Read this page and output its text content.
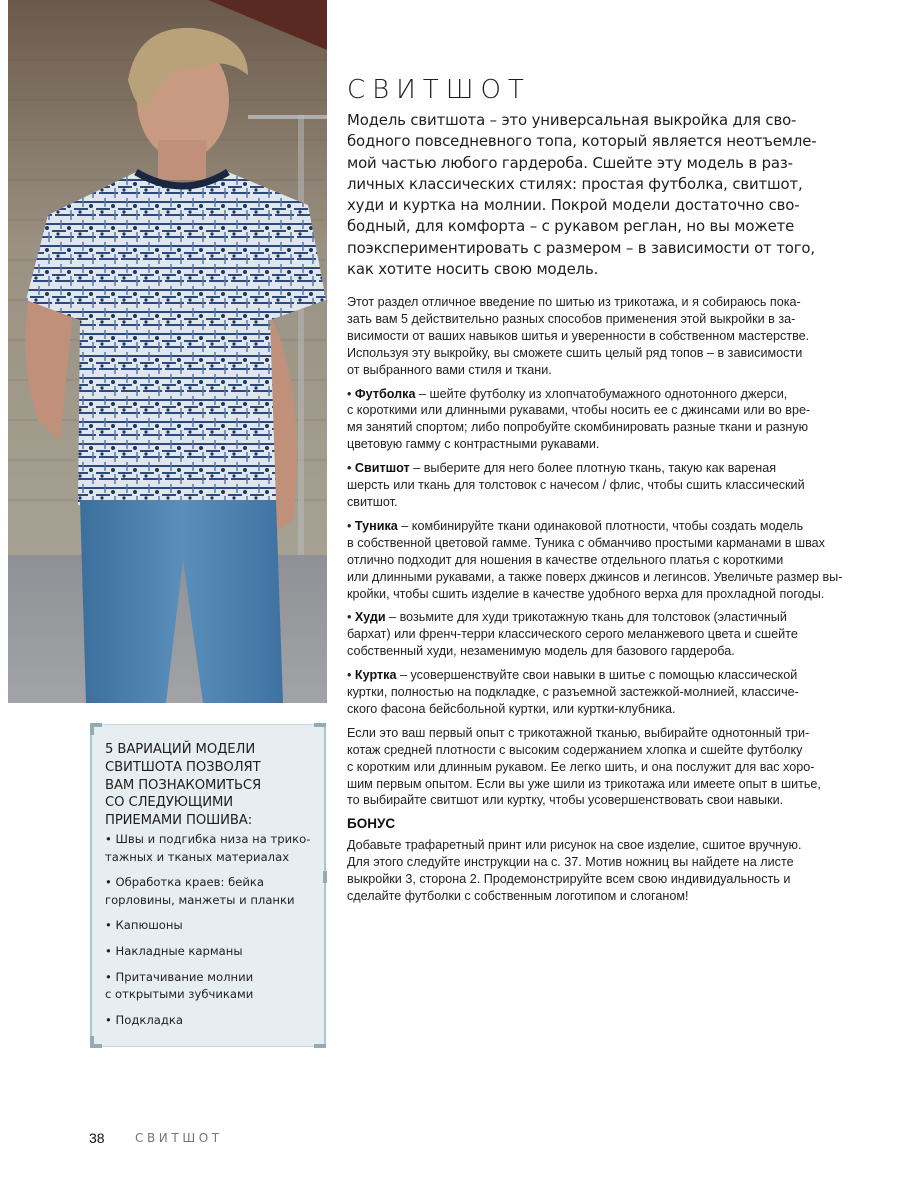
СВИТШОТ
Модель свитшота – это универсальная выкройка для сво-
бодного повседневного топа, который является неотъемле-
мой частью любого гардероба. Сшейте эту модель в раз-
личных классических стилях: простая футболка, свитшот,
худи и куртка на молнии. Покрой модели достаточно сво-
бодный, для комфорта – с рукавом реглан, но вы можете
поэкспериментировать с размером – в зависимости от того,
как хотите носить свою модель.
Этот раздел отличное введение по шитью из трикотажа, и я собираюсь пока-
зать вам 5 действительно разных способов применения этой выкройки в за-
висимости от ваших навыков шитья и уверенности в собственном мастерстве.
Используя эту выкройку, вы сможете сшить целый ряд топов – в зависимости
от выбранного вами стиля и ткани.
• Футболка – шейте футболку из хлопчатобумажного однотонного джерси,
с короткими или длинными рукавами, чтобы носить ее с джинсами или во вре-
мя занятий спортом; либо попробуйте скомбинировать разные ткани и разную
цветовую гамму с контрастными рукавами.
• Свитшот – выберите для него более плотную ткань, такую как вареная
шерсть или ткань для толстовок с начесом / флис, чтобы сшить классический
свитшот.
• Туника – комбинируйте ткани одинаковой плотности, чтобы создать модель
в собственной цветовой гамме. Туника с обманчиво простыми карманами в швах
отлично подходит для ношения в качестве отдельного платья с короткими
или длинными рукавами, а также поверх джинсов и легинсов. Увеличьте размер вы-
кройки, чтобы сшить изделие в качестве удобного верха для прохладной погоды.
• Худи – возьмите для худи трикотажную ткань для толстовок (эластичный
бархат) или френч-терри классического серого меланжевого цвета и сшейте
собственный худи, незаменимую модель для базового гардероба.
• Куртка – усовершенствуйте свои навыки в шитье с помощью классической
куртки, полностью на подкладке, с разъемной застежкой-молнией, классиче-
ского фасона бейсбольной куртки, или куртки-клубника.
Если это ваш первый опыт с трикотажной тканью, выбирайте однотонный три-
котаж средней плотности с высоким содержанием хлопка и сшейте футболку
с коротким или длинным рукавом. Ее легко шить, и она послужит для вас хоро-
шим первым опытом. Если вы уже шили из трикотажа или имеете опыт в шитье,
то выбирайте свитшот или куртку, чтобы усовершенствовать свои навыки.
БОНУС
Добавьте трафаретный принт или рисунок на свое изделие, сшитое вручную.
Для этого следуйте инструкции на с. 37. Мотив ножниц вы найдете на листе
выкройки 3, сторона 2. Продемонстрируйте всем свою индивидуальность и
сделайте футболки с собственным логотипом и слоганом!
5 ВАРИАЦИЙ МОДЕЛИ
СВИТШОТА ПОЗВОЛЯТ
ВАМ ПОЗНАКОМИТЬСЯ
СО СЛЕДУЮЩИМИ
ПРИЕМАМИ ПОШИВА:
• Швы и подгибка низа на трико-
тажных и тканых материалах
• Обработка краев: бейка
горловины, манжеты и планки
• Капюшоны
• Накладные карманы
• Притачивание молнии
с открытыми зубчиками
• Подкладка
38	СВИТШОТ
